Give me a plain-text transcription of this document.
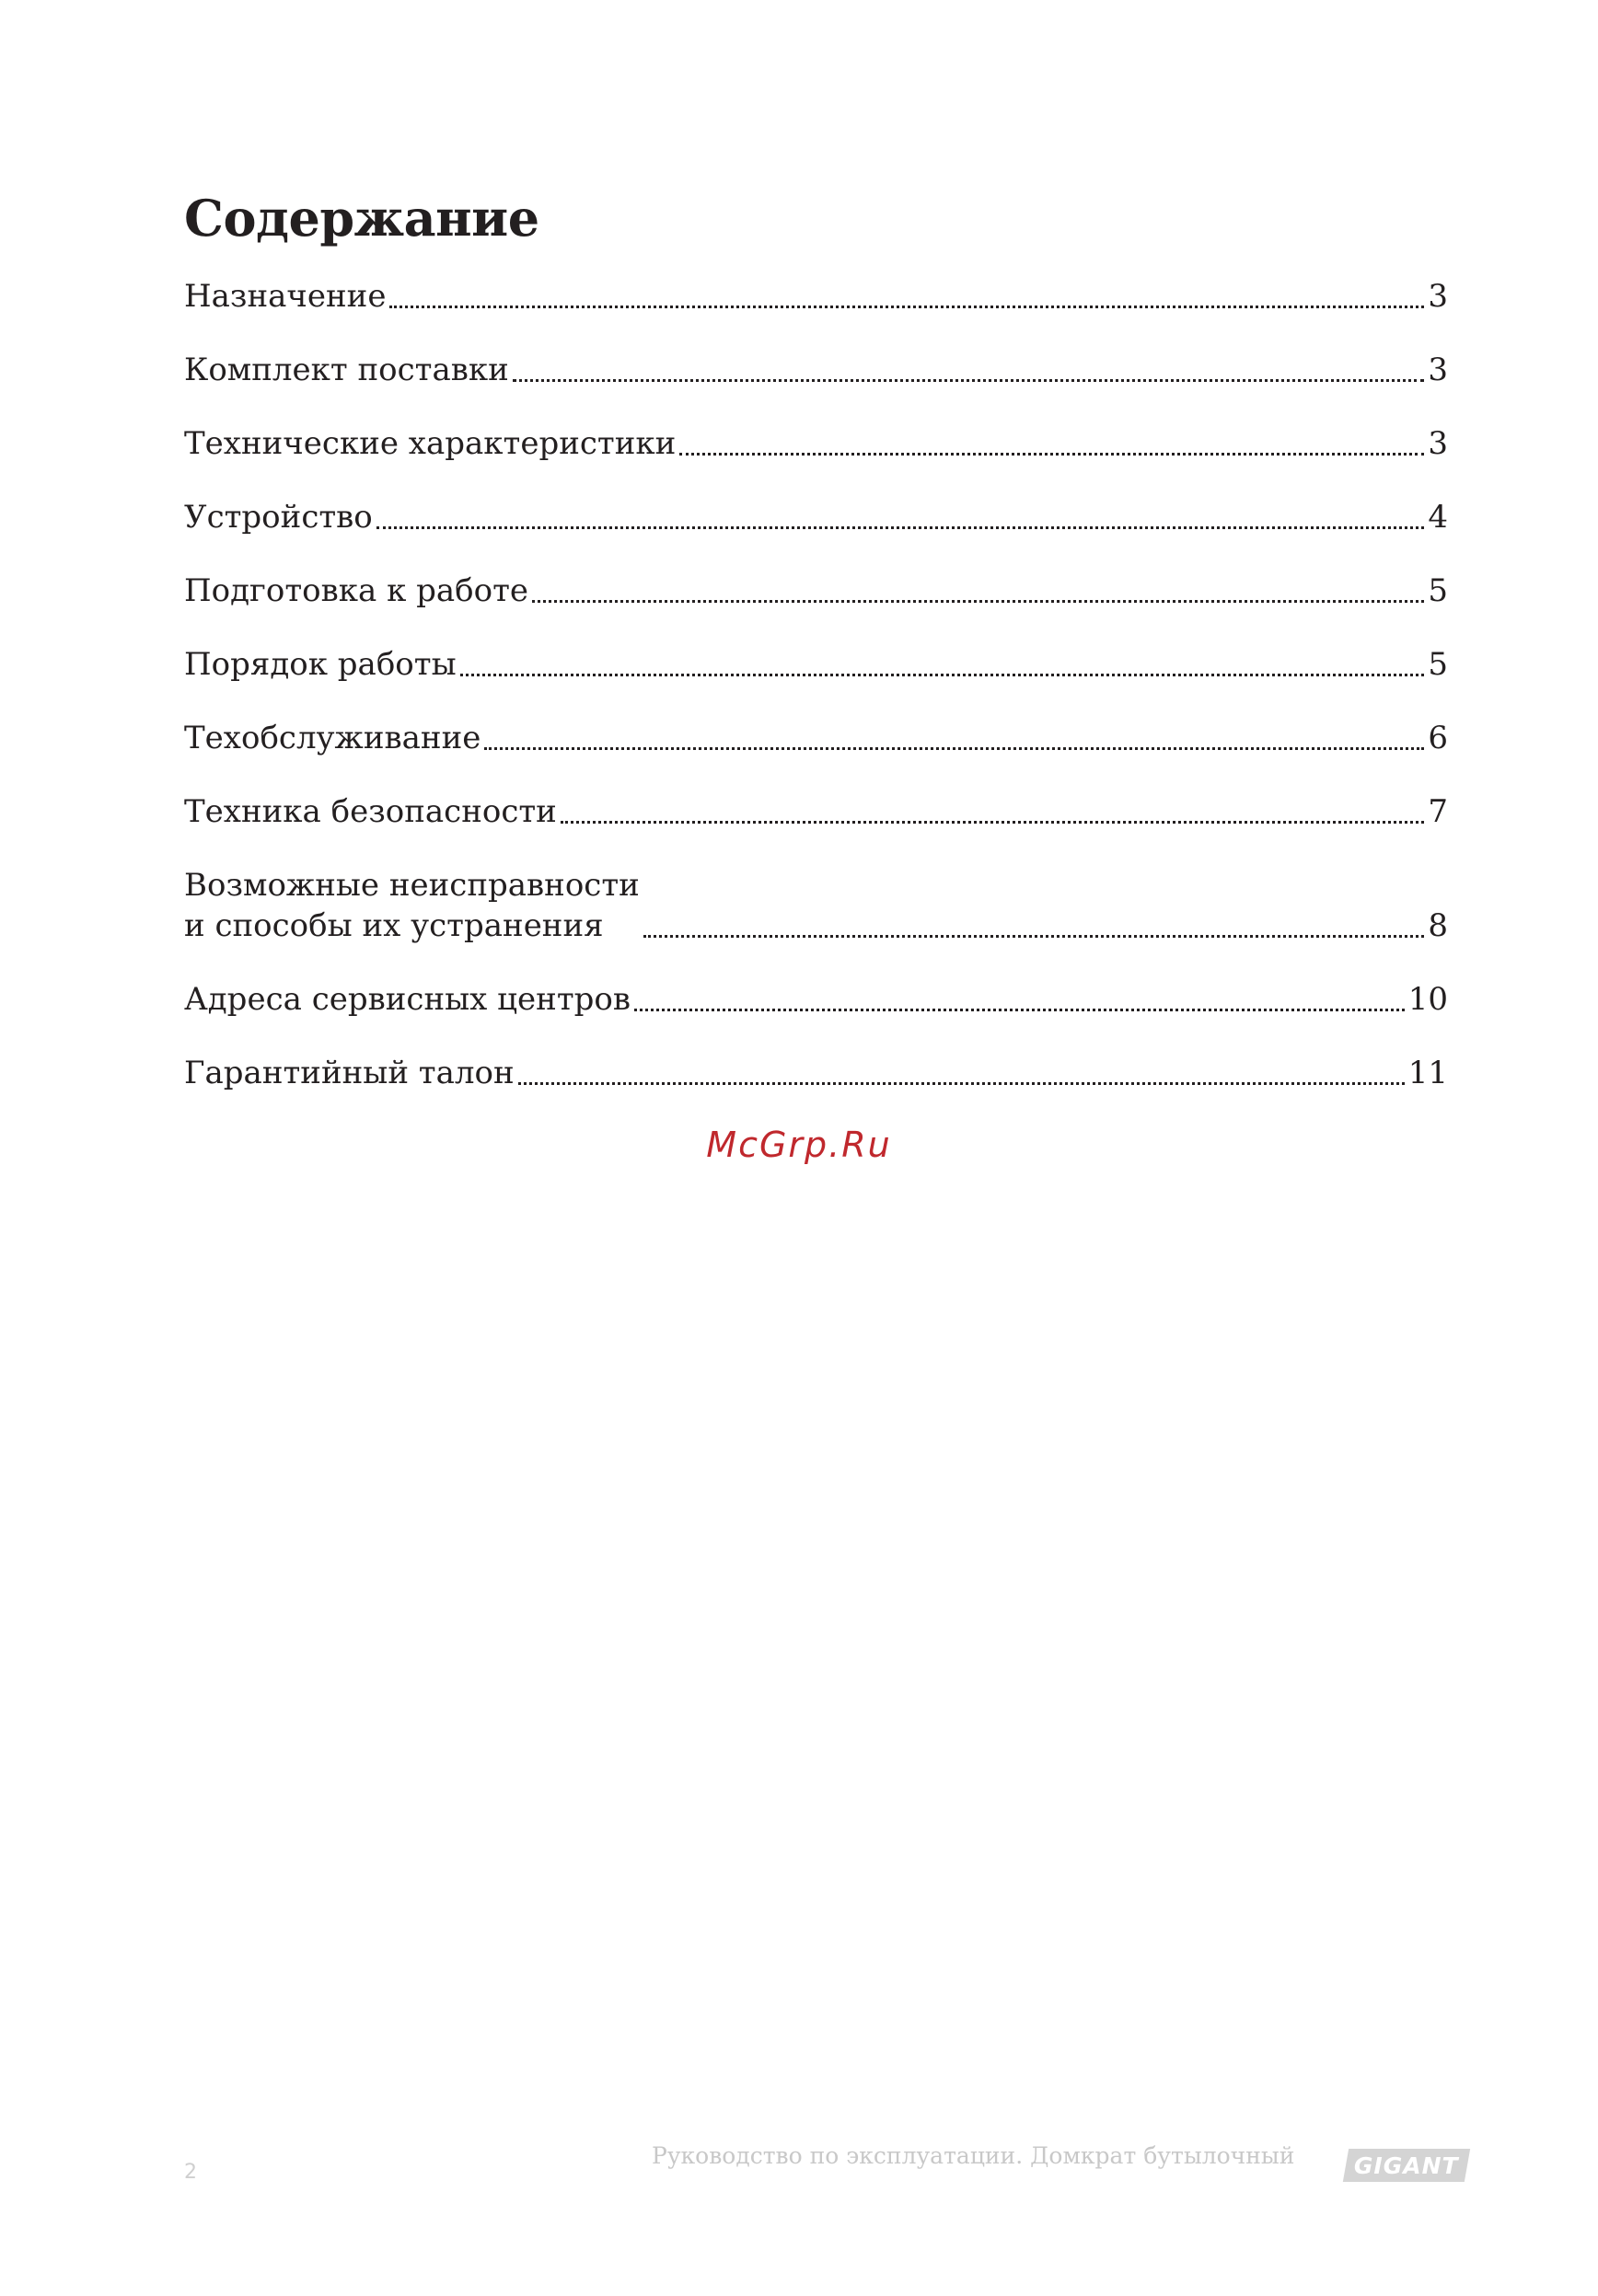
Содержание
Назначение	3
Комплект поставки	3
Технические характеристики	3
Устройство	4
Подготовка к работе	5
Порядок работы	5
Техобслуживание	6
Техника безопасности	7
Возможные неисправности
и способы их устранения	8
Адреса сервисных центров	10
Гарантийный талон	11
McGrp.Ru
2
Руководство по эксплуатации. Домкрат бутылочный	GIGANT
